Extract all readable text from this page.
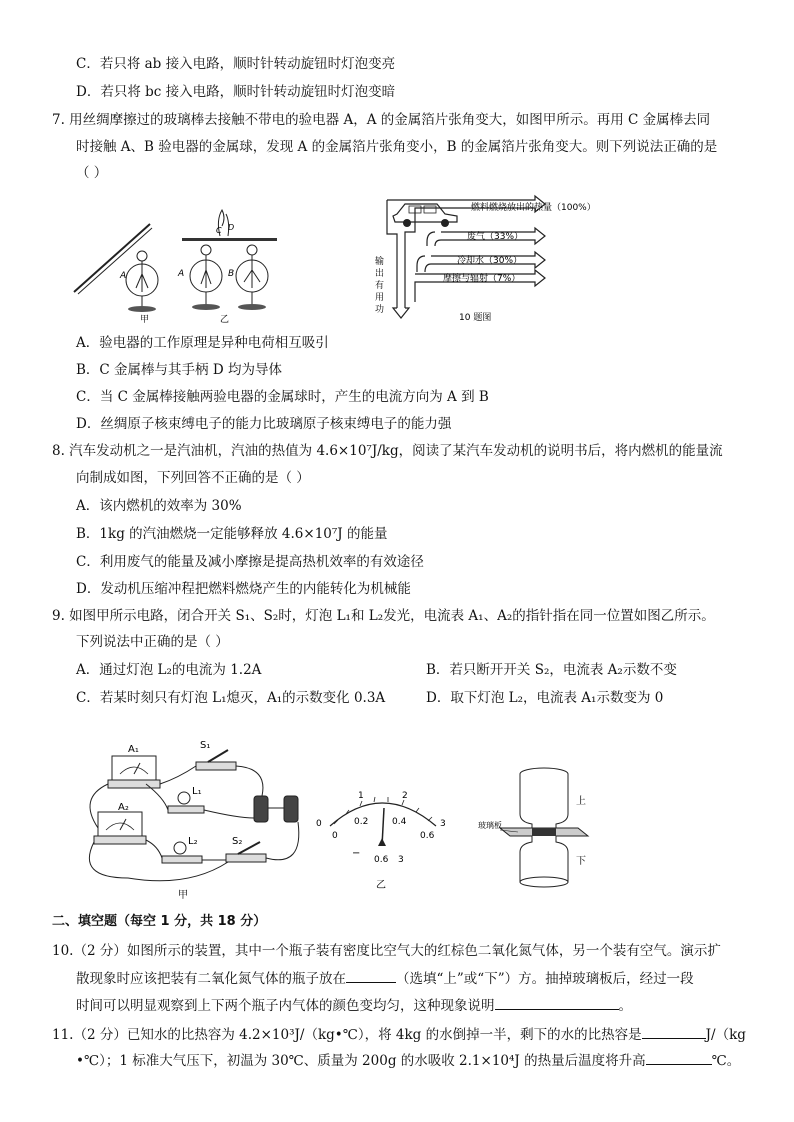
C．若只将 ab 接入电路，顺时针转动旋钮时灯泡变亮
D．若只将 bc 接入电路，顺时针转动旋钮时灯泡变暗
7. 用丝绸摩擦过的玻璃棒去接触不带电的验电器 A，A 的金属箔片张角变大，如图甲所示。再用 C 金属棒去同
时接触 A、B 验电器的金属球，发现 A 的金属箔片张角变小，B 的金属箔片张角变大。则下列说法正确的是
（ ）
A
甲
D
C
A	B
乙
燃料燃烧放出的热量（100%）
废气（33%）
冷却水（30%）
摩擦与辐射（7%）
输
出
有
用
功
10 题图
A．验电器的工作原理是异种电荷相互吸引
B．C 金属棒与其手柄 D 均为导体
C．当 C 金属棒接触两验电器的金属球时，产生的电流方向为 A 到 B
D．丝绸原子核束缚电子的能力比玻璃原子核束缚电子的能力强
8. 汽车发动机之一是汽油机，汽油的热值为 4.6×10⁷J/kg，阅读了某汽车发动机的说明书后，将内燃机的能量流
向制成如图，下列回答不正确的是（ ）
A．该内燃机的效率为 30%
B．1kg 的汽油燃烧一定能够释放 4.6×10⁷J 的能量
C．利用废气的能量及减小摩擦是提高热机效率的有效途径
D．发动机压缩冲程把燃料燃烧产生的内能转化为机械能
9. 如图甲所示电路，闭合开关 S₁、S₂时，灯泡 L₁和 L₂发光，电流表 A₁、A₂的指针指在同一位置如图乙所示。
下列说法中正确的是（ ）
A．通过灯泡 L₂的电流为 1.2A	B．若只断开开关 S₂，电流表 A₂示数不变
C．若某时刻只有灯泡 L₁熄灭，A₁的示数变化 0.3A	D．取下灯泡 L₂，电流表 A₁示数变为 0
A₁	S₁
L₁
A₂
L₂	S₂
甲
0
1	2
3
0
0.2	0.4
0.6
−
0.6 3
乙
玻璃板
上
下
二、填空题（每空 1 分，共 18 分）
10.（2 分）如图所示的装置，其中一个瓶子装有密度比空气大的红棕色二氧化氮气体，另一个装有空气。演示扩
散现象时应该把装有二氧化氮气体的瓶子放在	（选填“上”或“下”）方。抽掉玻璃板后，经过一段
时间可以明显观察到上下两个瓶子内气体的颜色变均匀，这种现象说明	。
11.（2 分）已知水的比热容为 4.2×10³J/（kg•℃），将 4kg 的水倒掉一半，剩下的水的比热容是	J/（kg
•℃）；1 标准大气压下，初温为 30℃、质量为 200g 的水吸收 2.1×10⁴J 的热量后温度将升高	℃。
